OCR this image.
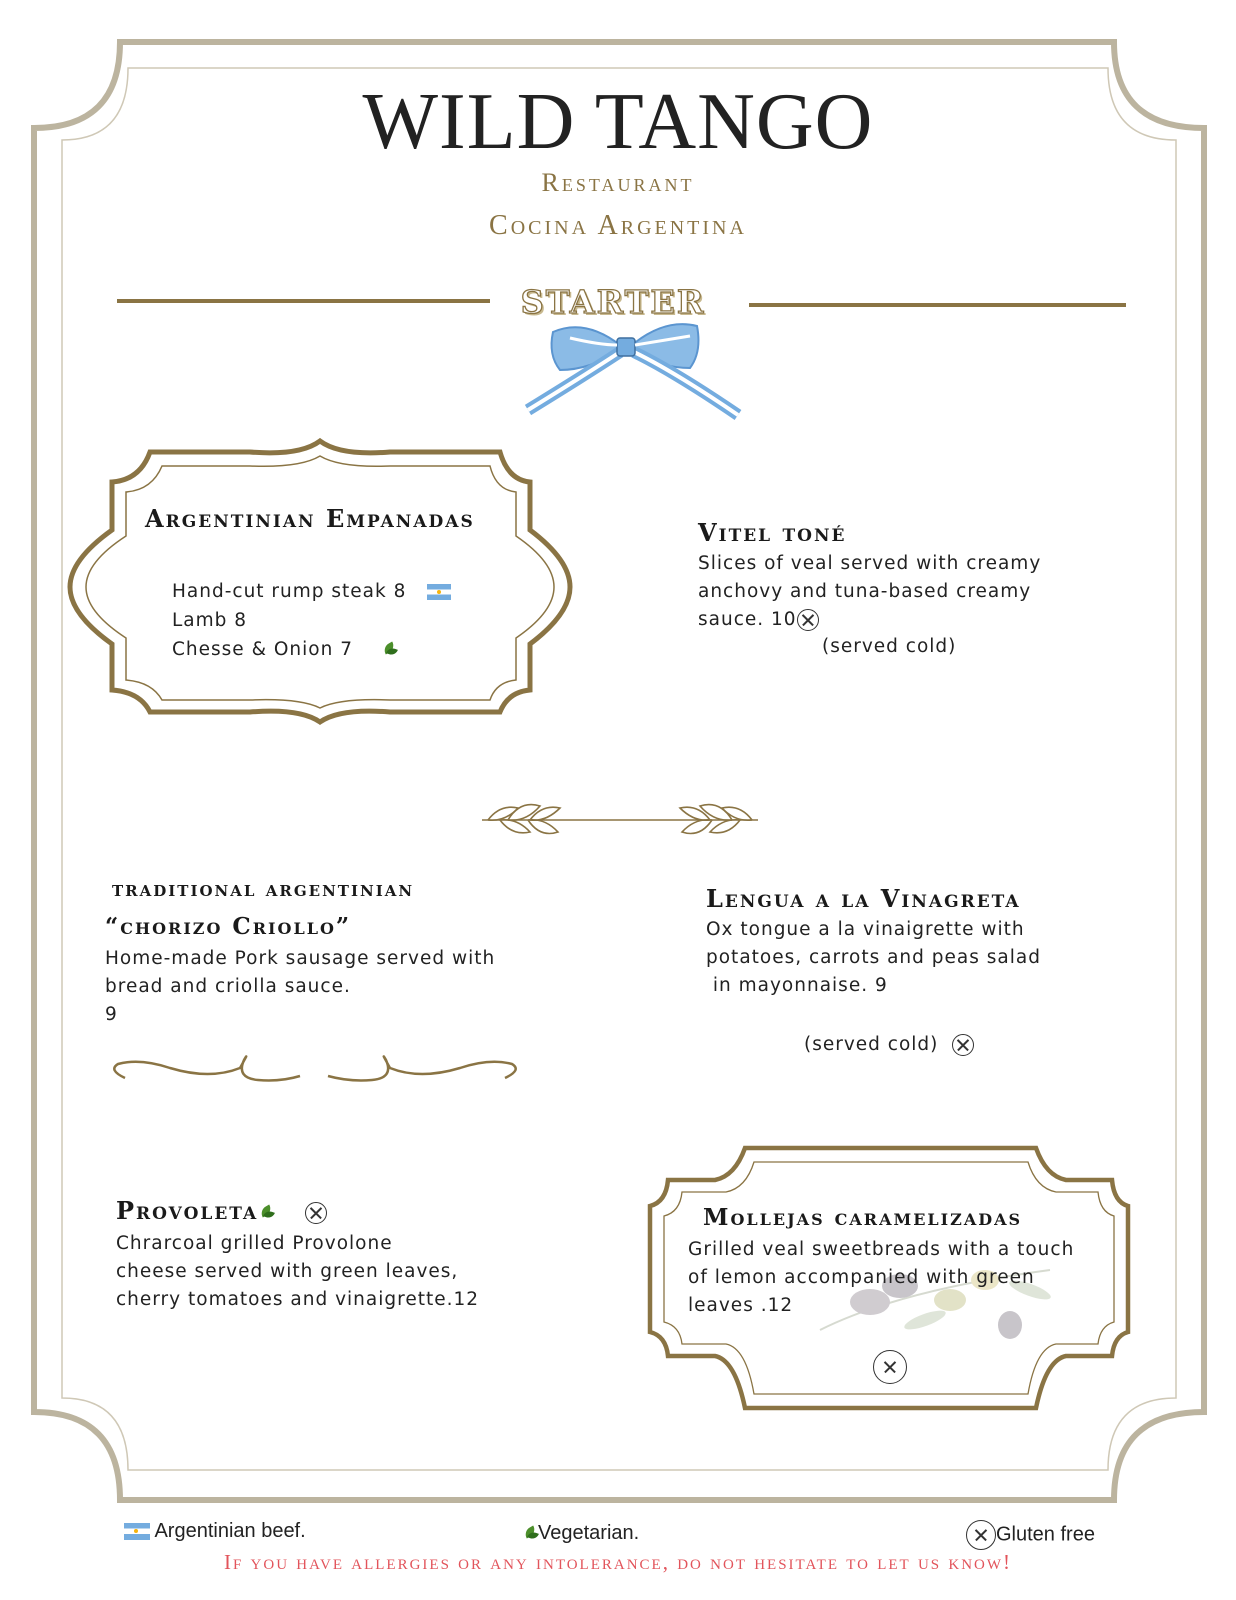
WILD TANGO
Restaurant
Cocina Argentina
STARTER
Argentinian Empanadas
Hand-cut rump steak 8
Lamb 8
Chesse & Onion 7
Vitel toné
Slices of veal served with creamy
anchovy and tuna-based creamy
sauce. 10
(served cold)
traditional argentinian
“chorizo Criollo”
Home-made Pork sausage served with
bread and criolla sauce.
9
Lengua a la Vinagreta
Ox tongue a la vinaigrette with
potatoes, carrots and peas salad
in mayonnaise. 9
(served cold)
Provoleta
Chrarcoal grilled Provolone
cheese served with green leaves,
cherry tomatoes and vinaigrette.12
Mollejas caramelizadas
Grilled veal sweetbreads with a touch
of lemon accompanied with green
leaves .12
Argentinian beef.	Vegetarian.	Gluten free
If you have allergies or any intolerance, do not hesitate to let us know!
